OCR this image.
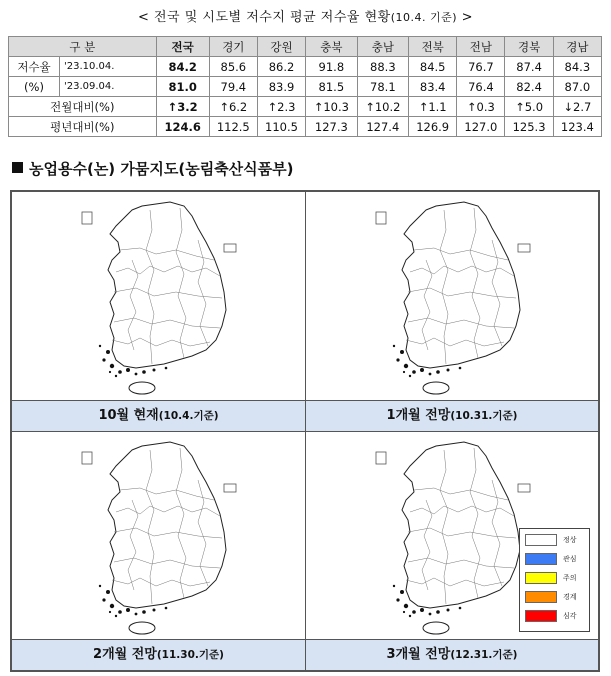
< 전국 및 시도별 저수지 평균 저수율 현황(10.4. 기준) >
구 분		전국	경기	강원	충북	충남	전북	전남	경북	경남
저수율	'23.10.04.	84.2	85.6	86.2	91.8	88.3	84.5	76.7	87.4	84.3
(%)	'23.09.04.	81.0	79.4	83.9	81.5	78.1	83.4	76.4	82.4	87.0
전월대비(%)		↑3.2	↑6.2	↑2.3	↑10.3	↑10.2	↑1.1	↑0.3	↑5.0	↓2.7
평년대비(%)		124.6	112.5	110.5	127.3	127.4	126.9	127.0	125.3	123.4
농업용수(논) 가뭄지도(농림축산식품부)
10월 현재(10.4.기준)	1개월 전망(10.31.기준)
2개월 전망(11.30.기준)
정상
관심
주의
경계
심각
3개월 전망(12.31.기준)
